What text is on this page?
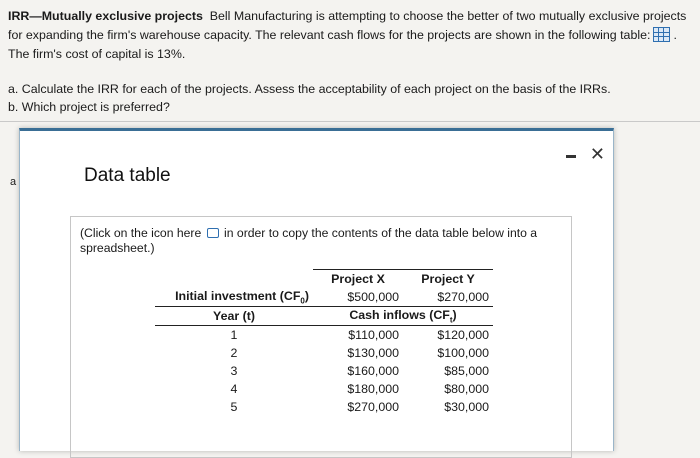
IRR—Mutually exclusive projects Bell Manufacturing is attempting to choose the better of two mutually exclusive projects for expanding the firm's warehouse capacity. The relevant cash flows for the projects are shown in the following table: . The firm's cost of capital is 13%.

a. Calculate the IRR for each of the projects. Assess the acceptability of each project on the basis of the IRRs.

b. Which project is preferred?

a	Data table
✕
(Click on the icon here in order to copy the contents of the data table below into a spreadsheet.)
	Project X	Project Y
Initial investment $(CF_0)$	$500,000	$270,000
Year (t)	Cash inflows $(CF_t)$	
1	$110,000	$120,000
2	$130,000	$100,000
3	$160,000	$85,000
4	$180,000	$80,000
5	$270,000	$30,000
